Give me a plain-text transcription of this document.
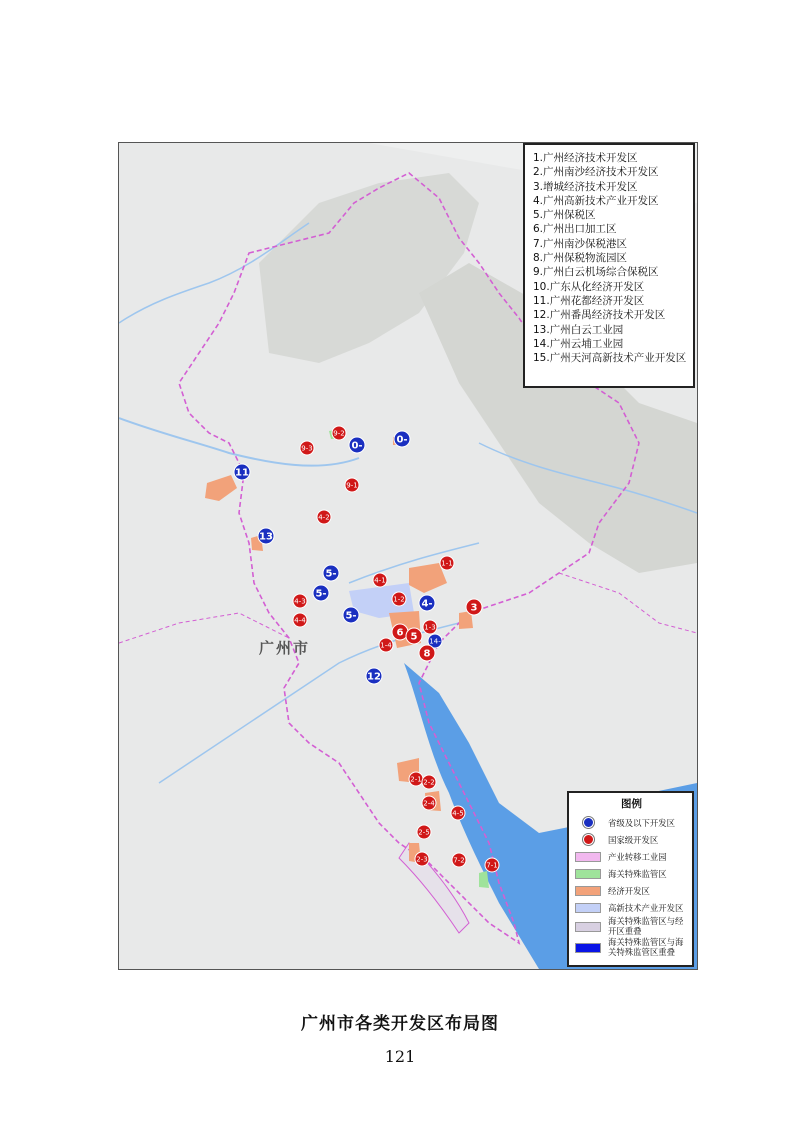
广州市
9-3
9-2
0-
0-
11
9-1
4-2
13
5-
1-1
4-1
5-	1-2
4-3	4-
5-
3
4-4
1-3
6 5
1-4	14-
8
12
2-1 2-2
2-4
4-5
2-5
2-3	7-2
7-1
1.广州经济技术开发区
2.广州南沙经济技术开发区
3.增城经济技术开发区
4.广州高新技术产业开发区
5.广州保税区
6.广州出口加工区
7.广州南沙保税港区
8.广州保税物流园区
9.广州白云机场综合保税区
10.广东从化经济开发区
11.广州花都经济开发区
12.广州番禺经济技术开发区
13.广州白云工业园
14.广州云埔工业园
15.广州天河高新技术产业开发区
图例
省级及以下开发区
国家级开发区
产业转移工业园
海关特殊监管区
经济开发区
高新技术产业开发区
海关特殊监管区与经开区重叠
海关特殊监管区与海关特殊监管区重叠
广州市各类开发区布局图
121
